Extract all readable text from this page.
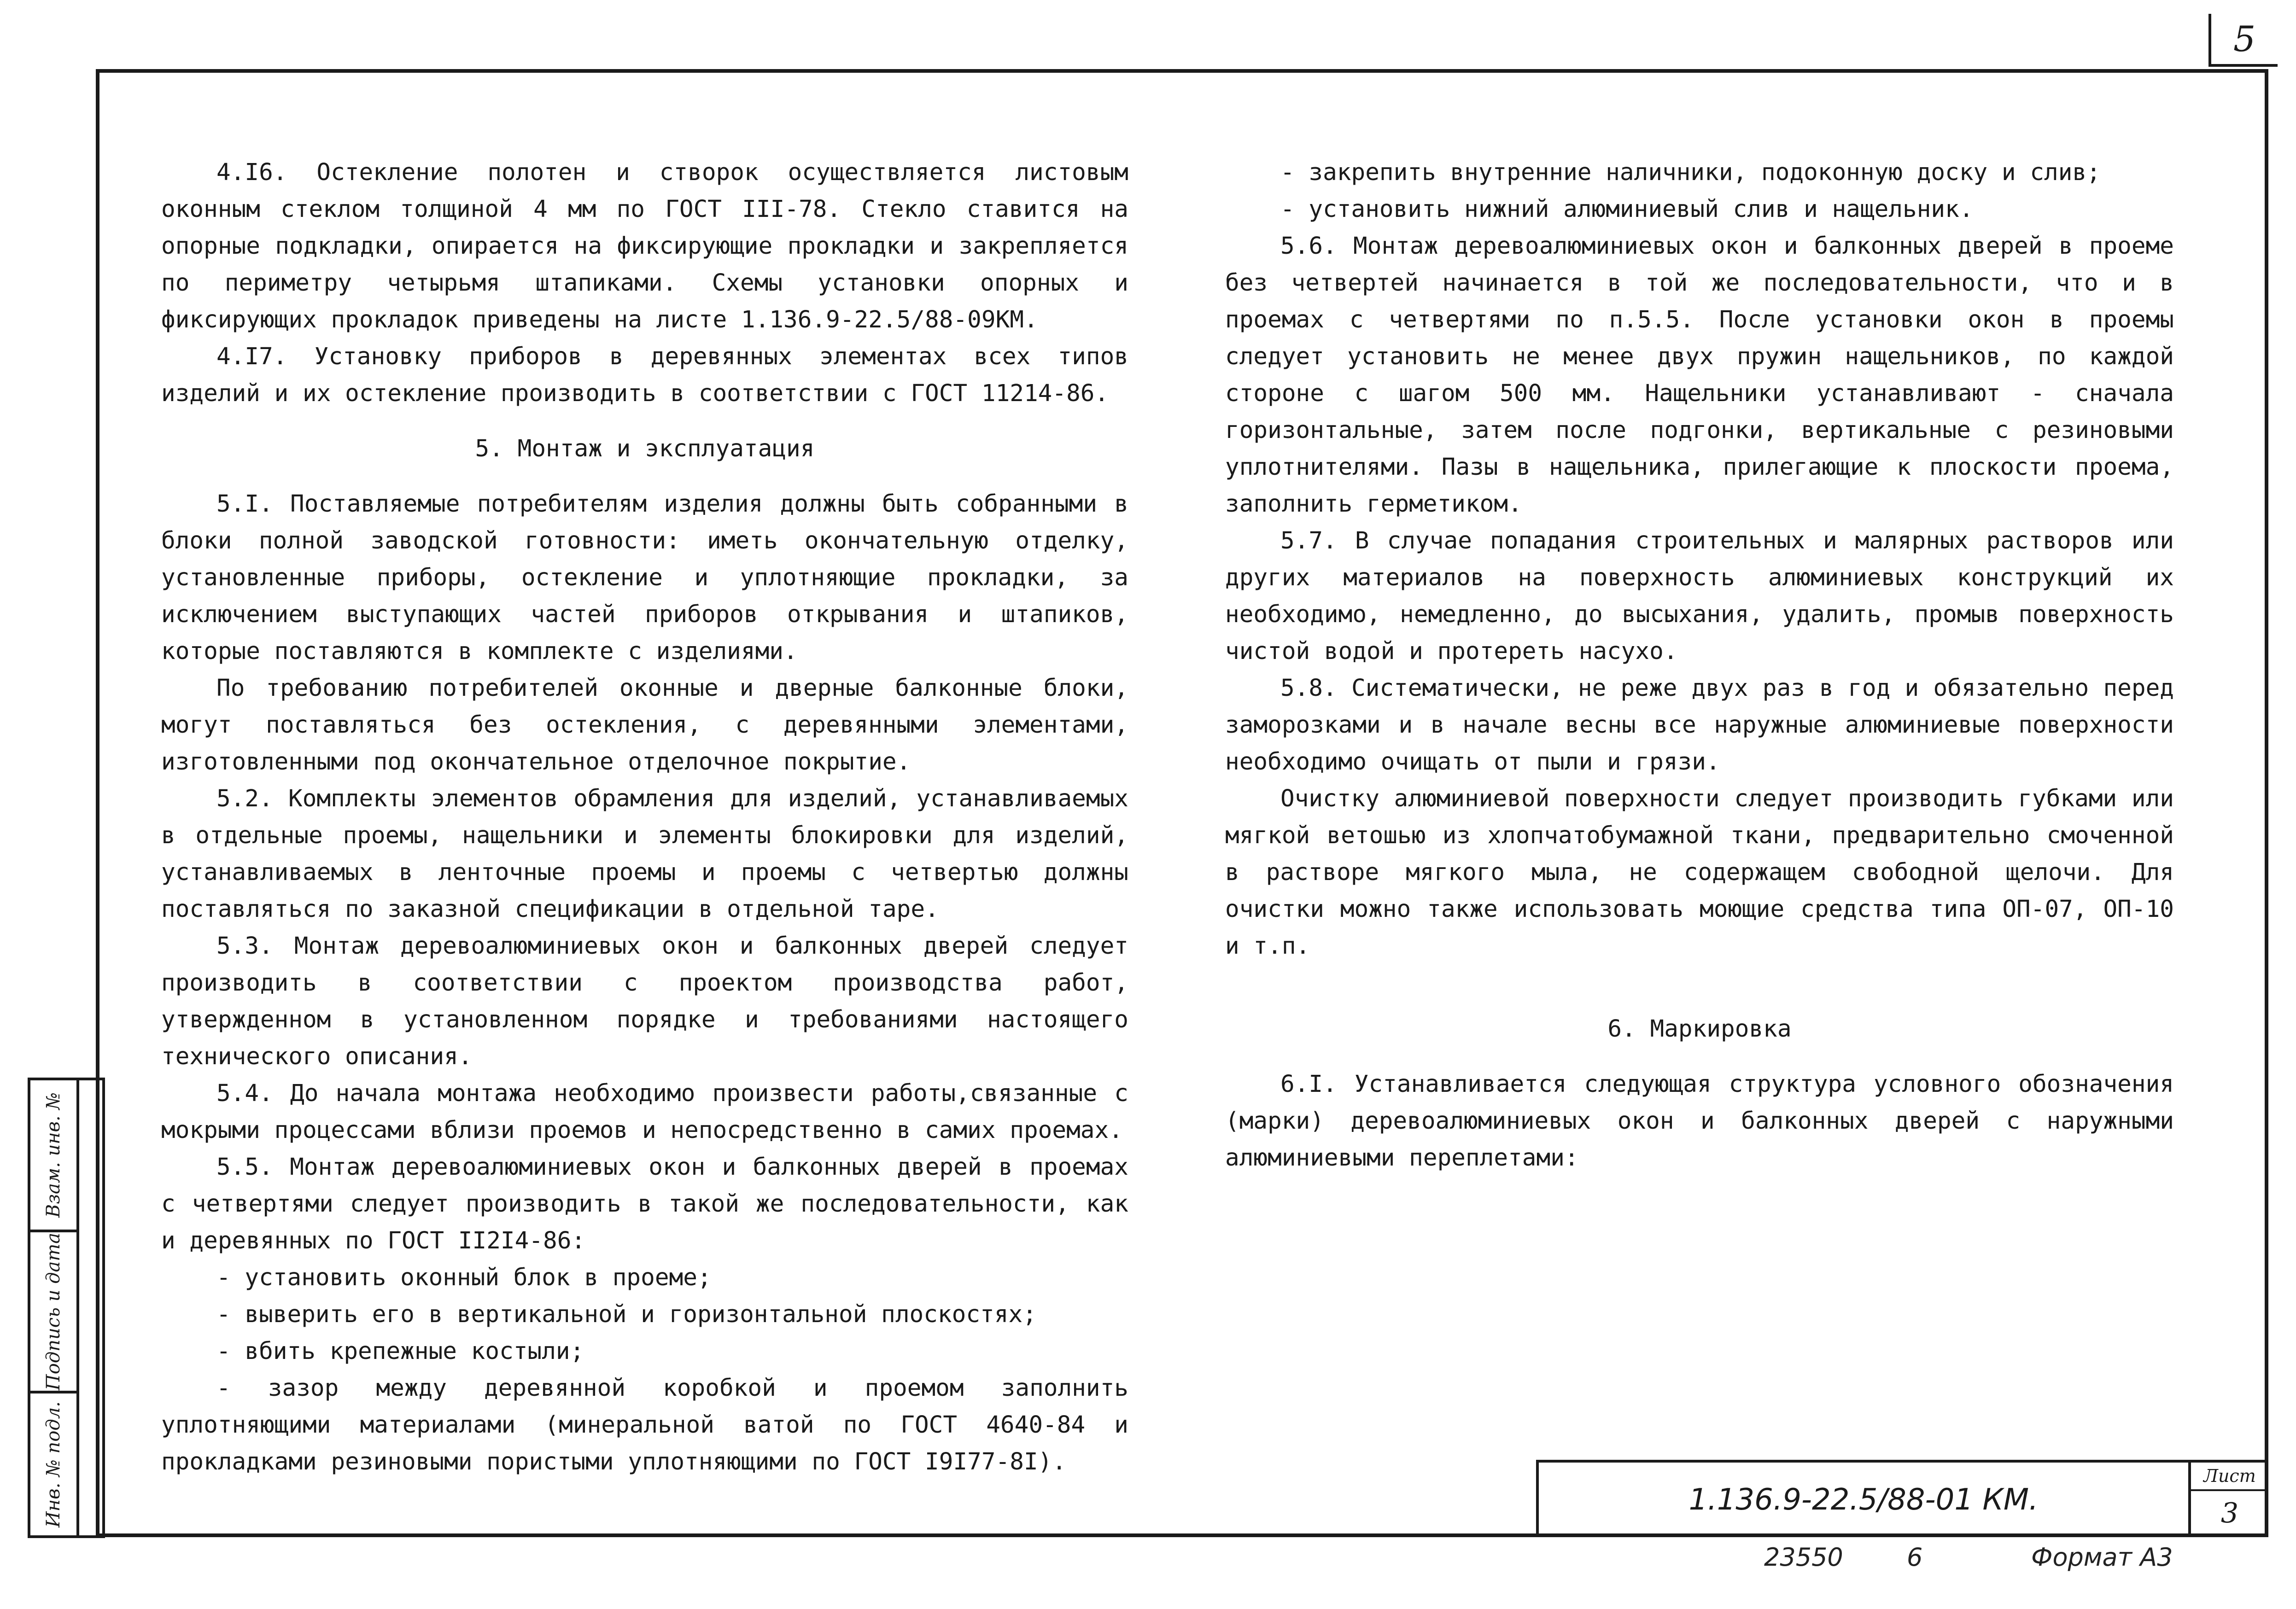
5

4.I6. Остекление полотен и створок осуществляется листовым оконным стеклом толщиной 4 мм по ГОСТ III-78. Стекло ставится на опорные подкладки, опирается на фиксирующие прокладки и закрепляется по периметру четырьмя штапиками. Схемы установки опорных и фиксирующих прокладок приведены на листе 1.136.9-22.5/88-09КМ.

4.I7. Установку приборов в деревянных элементах всех типов изделий и их остекление производить в соответствии с ГОСТ 11214-86.

5. Монтаж и эксплуатация

5.I. Поставляемые потребителям изделия должны быть собранными в блоки полной заводской готовности: иметь окончательную отделку, установленные приборы, остекление и уплотняющие прокладки, за исключением выступающих частей приборов открывания и штапиков, которые поставляются в комплекте с изделиями.

По требованию потребителей оконные и дверные балконные блоки, могут поставляться без остекления, с деревянными элементами, изготовленными под окончательное отделочное покрытие.

5.2. Комплекты элементов обрамления для изделий, устанавливаемых в отдельные проемы, нащельники и элементы блокировки для изделий, устанавливаемых в ленточные проемы и проемы с четвертью должны поставляться по заказной спецификации в отдельной таре.

5.3. Монтаж деревоалюминиевых окон и балконных дверей следует производить в соответствии с проектом производства работ, утвержденном в установленном порядке и требованиями настоящего технического описания.

5.4. До начала монтажа необходимо произвести работы,связанные с мокрыми процессами вблизи проемов и непосредственно в самих проемах.

5.5. Монтаж деревоалюминиевых окон и балконных дверей в проемах с четвертями следует производить в такой же последовательности, как и деревянных по ГОСТ II2I4-86:

- установить оконный блок в проеме;

- выверить его в вертикальной и горизонтальной плоскостях;

- вбить крепежные костыли;

- зазор между деревянной коробкой и проемом заполнить уплотняющими материалами (минеральной ватой по ГОСТ 4640-84 и прокладками резиновыми пористыми уплотняющими по ГОСТ I9I77-8I).

- закрепить внутренние наличники, подоконную доску и слив;

- установить нижний алюминиевый слив и нащельник.

5.6. Монтаж деревоалюминиевых окон и балконных дверей в проеме без четвертей начинается в той же последовательности, что и в проемах с четвертями по п.5.5. После установки окон в проемы следует установить не менее двух пружин нащельников, по каждой стороне с шагом 500 мм. Нащельники устанавливают - сначала горизонтальные, затем после подгонки, вертикальные с резиновыми уплотнителями. Пазы в нащельника, прилегающие к плоскости проема, заполнить герметиком.

5.7. В случае попадания строительных и малярных растворов или других материалов на поверхность алюминиевых конструкций их необходимо, немедленно, до высыхания, удалить, промыв поверхность чистой водой и протереть насухо.

5.8. Систематически, не реже двух раз в год и обязательно перед заморозками и в начале весны все наружные алюминиевые поверхности необходимо очищать от пыли и грязи.

Очистку алюминиевой поверхности следует производить губками или мягкой ветошью из хлопчатобумажной ткани, предварительно смоченной в растворе мягкого мыла, не содержащем свободной щелочи. Для очистки можно также использовать моющие средства типа ОП-07, ОП-10 и т.п.

6. Маркировка

6.I. Устанавливается следующая структура условного обозначения (марки) деревоалюминиевых окон и балконных дверей с наружными алюминиевыми переплетами:

Взам. инв. №
Подпись и дата
Инв. № подл.	1.136.9-22.5/88-01 КМ.
Лист
3
23550	6	Формат А3
